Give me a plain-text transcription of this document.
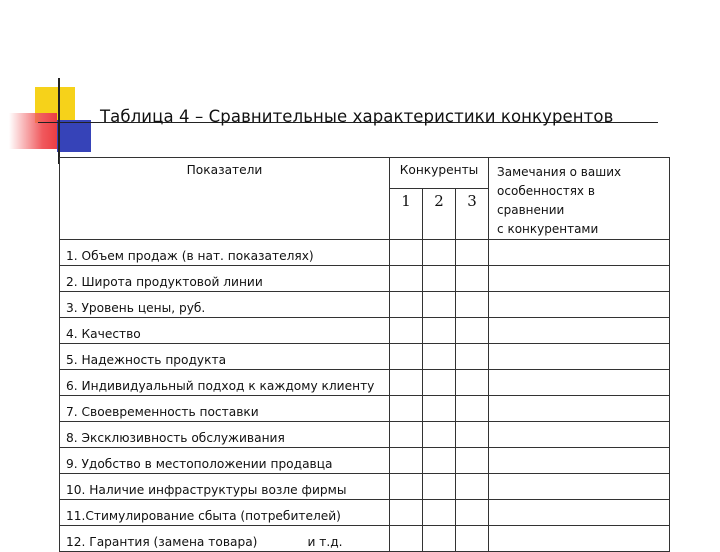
Таблица 4 – Сравнительные характеристики конкурентов
Показатели	Конкуренты			Замечания о ваших
особенностях в сравнении
с конкурентами

	1	2	3	
1. Объем продаж (в нат. показателях)				
2. Широта продуктовой линии				
3. Уровень цены, руб.				
4. Качество				
5. Надежность продукта				
6. Индивидуальный подход к каждому клиенту				
7. Своевременность поставки				
8. Эксклюзивность обслуживания				
9. Удобство в местоположении продавца				
10. Наличие инфраструктуры возле фирмы				
11.Стимулирование сбыта (потребителей)				
12. Гарантия (замена товара) и т.д.				
